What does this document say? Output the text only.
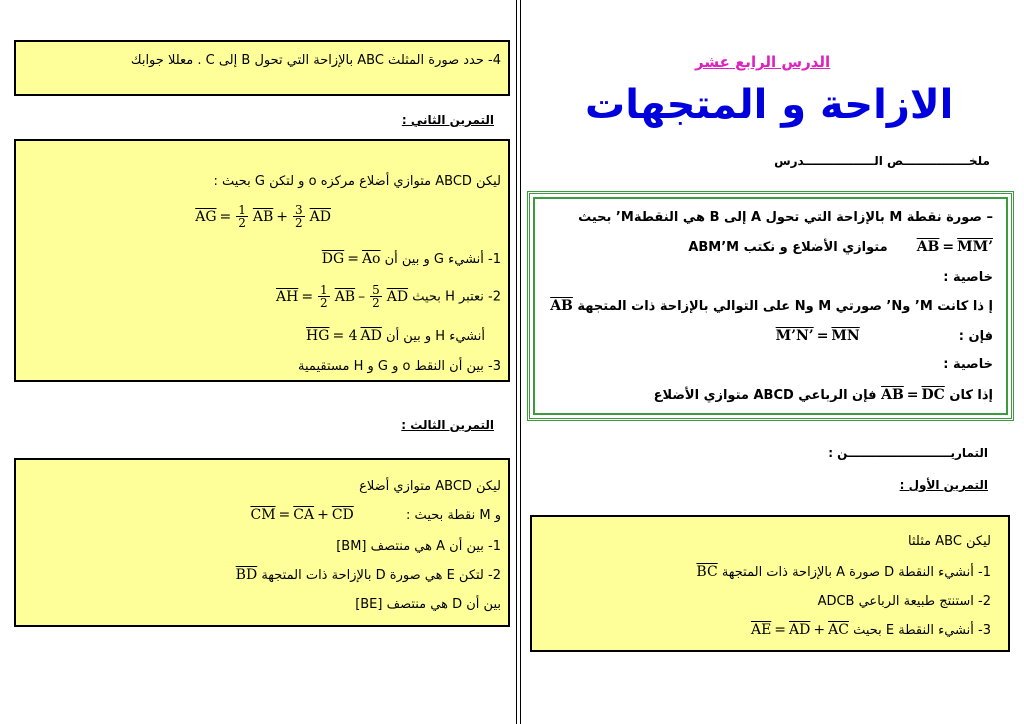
4- حدد صورة المثلث ABC بالإزاحة التي تحول B إلى C . معللا جوابك
التمرين الثاني :
ليكن ABCD متوازي أضلاع مركزه o و لتكن G بحيث :
$\overline{AG} = \frac{1}{2} \overline{AB} + \frac{3}{2} \overline{AD}$
1- أنشيء G و بين أن
$\overline{DG} = \overline{Ao}$
2- نعتبر H بحيث
$\overline{AH} = \frac{1}{2} \overline{AB} - \frac{5}{2} \overline{AD}$
أنشيء H و بين أن
$\overline{HG} = 4$ $\overline{AD}$
3- بين أن النقط o و G و H مستقيمية
التمرين الثالث :
ليكن ABCD متوازي أضلاع
و M نقطة بحيث :
$\overline{CM} = \overline{CA} + \overline{CD}$
1- بين أن A هي منتصف [BM]
2- لتكن E هي صورة D بالإزاحة ذات المتجهة
$\overline{BD}$
بين أن D هي منتصف [BE]
الدرس الرابع عشر
الازاحة و المتجهات
ملخــــــــــــــــص الـــــــــــــــــدرس
– صورة نقطة M بالإزاحة التي تحول A إلى B هي النقطةM’ بحيث
ABM’M متوازي الأضلاع و نكتب $\overline{AB}$ = MM’
خاصية :
إ ذا كانت M’ وN’ صورتي M وN على التوالي بالإزاحة ذات المتجهة
$\overline{AB}$
فإن :
M’N’ = $\overline{MN}$
خاصية :
إذا كان
$\overline{AB} = \overline{DC}$
فإن الرباعي ABCD متوازي الأضلاع
التماريـــــــــــــــــــــــــن :
التمرين الأول :
ليكن ABC مثلثا
1- أنشيء النقطة D صورة A بالإزاحة ذات المتجهة
$\overline{BC}$
2- استنتج طبيعة الرباعي ADCB
3- أنشيء النقطة E بحيث
$\overline{AE} = \overline{AD} + \overline{AC}$
